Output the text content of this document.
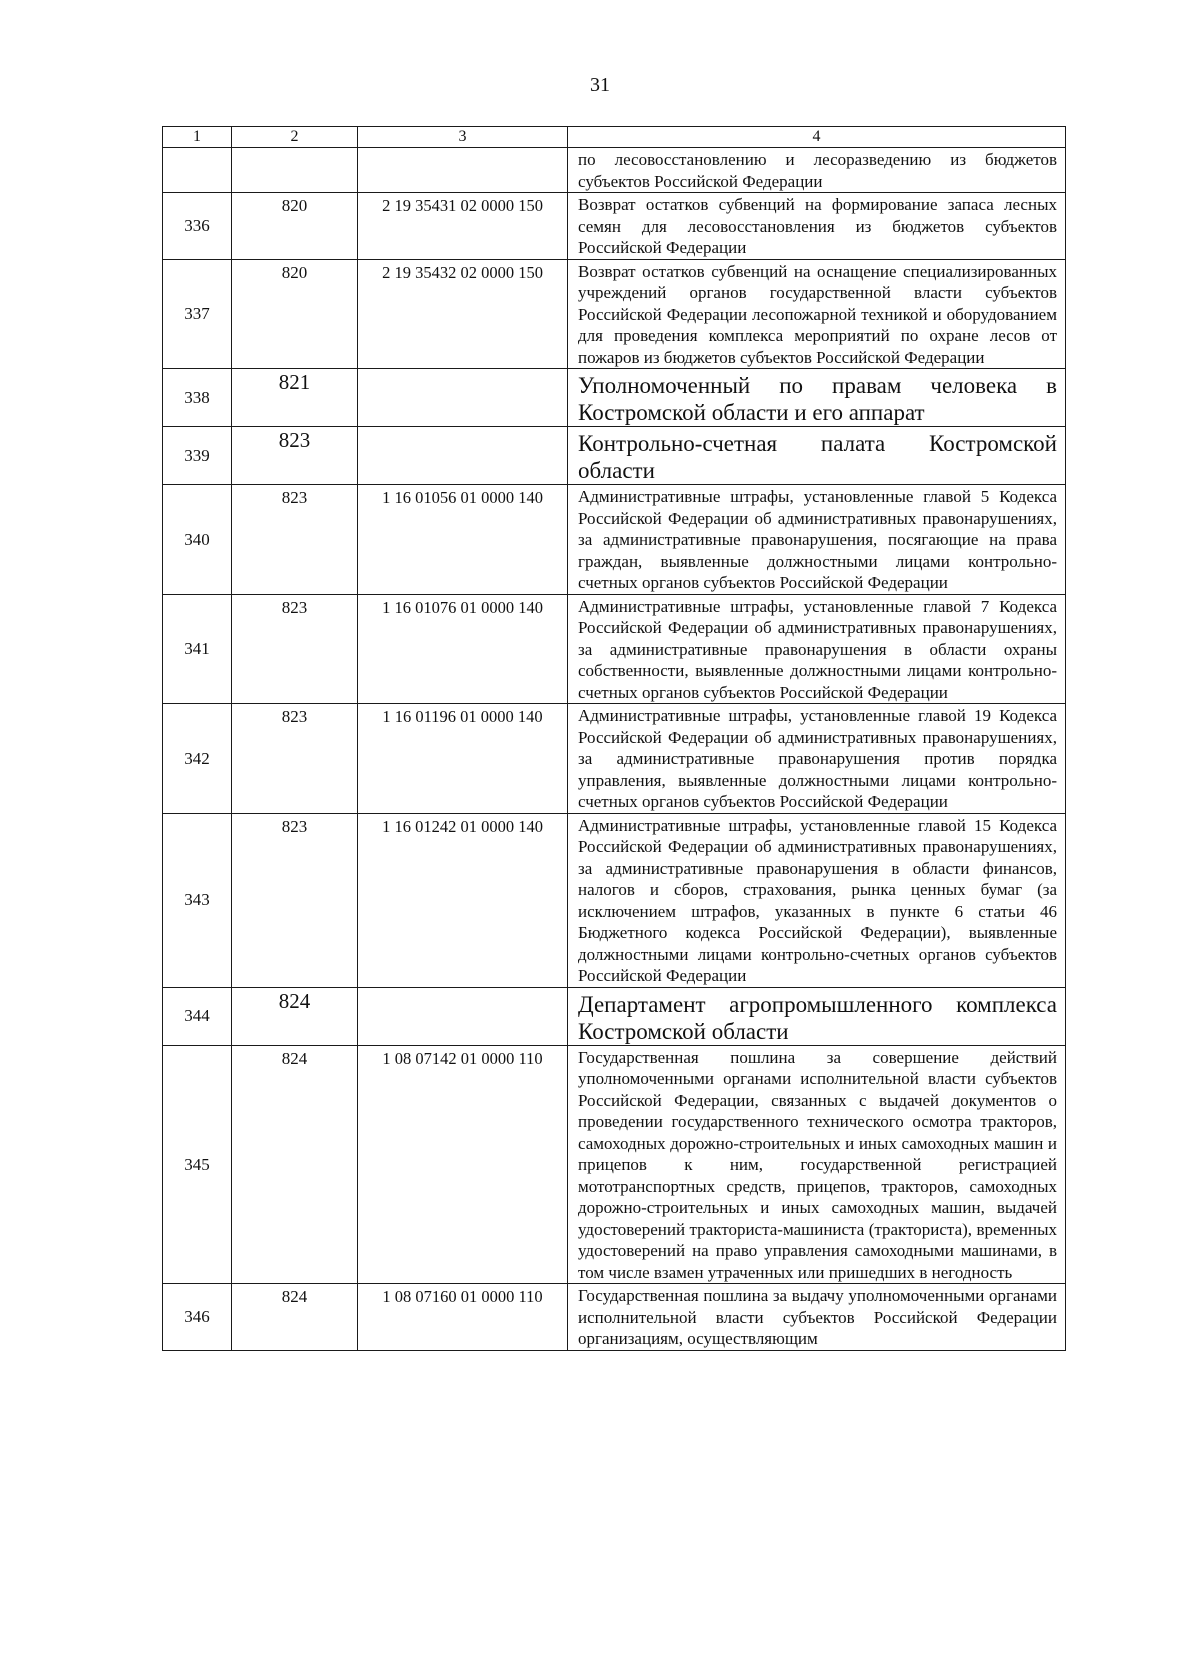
31
1	2	3	4
			по лесовосстановлению и лесоразведению из бюджетов субъектов Российской Федерации
336	820	2 19 35431 02 0000 150	Возврат остатков субвенций на формирование запаса лесных семян для лесовосстановления из бюджетов субъектов Российской Федерации
337	820	2 19 35432 02 0000 150	Возврат остатков субвенций на оснащение специализированных учреждений органов государственной власти субъектов Российской Федерации лесопожарной техникой и оборудованием для проведения комплекса мероприятий по охране лесов от пожаров из бюджетов субъектов Российской Федерации
338	821		Уполномоченный по правам человека в Костромской области и его аппарат
339	823		Контрольно-счетная палата Костромской области
340	823	1 16 01056 01 0000 140	Административные штрафы, установленные главой 5 Кодекса Российской Федерации об административных правонарушениях, за административные правонарушения, посягающие на права граждан, выявленные должностными лицами контрольно-счетных органов субъектов Российской Федерации
341	823	1 16 01076 01 0000 140	Административные штрафы, установленные главой 7 Кодекса Российской Федерации об административных правонарушениях, за административные правонарушения в области охраны собственности, выявленные должностными лицами контрольно-счетных органов субъектов Российской Федерации
342	823	1 16 01196 01 0000 140	Административные штрафы, установленные главой 19 Кодекса Российской Федерации об административных правонарушениях, за административные правонарушения против порядка управления, выявленные должностными лицами контрольно-счетных органов субъектов Российской Федерации
343	823	1 16 01242 01 0000 140	Административные штрафы, установленные главой 15 Кодекса Российской Федерации об административных правонарушениях, за административные правонарушения в области финансов, налогов и сборов, страхования, рынка ценных бумаг (за исключением штрафов, указанных в пункте 6 статьи 46 Бюджетного кодекса Российской Федерации), выявленные должностными лицами контрольно-счетных органов субъектов Российской Федерации
344	824		Департамент агропромышленного комплекса Костромской области
345	824	1 08 07142 01 0000 110	Государственная пошлина за совершение действий уполномоченными органами исполнительной власти субъектов Российской Федерации, связанных с выдачей документов о проведении государственного технического осмотра тракторов, самоходных дорожно-строительных и иных самоходных машин и прицепов к ним, государственной регистрацией мототранспортных средств, прицепов, тракторов, самоходных дорожно-строительных и иных самоходных машин, выдачей удостоверений тракториста-машиниста (тракториста), временных удостоверений на право управления самоходными машинами, в том числе взамен утраченных или пришедших в негодность
346	824	1 08 07160 01 0000 110	Государственная пошлина за выдачу уполномоченными органами исполнительной власти субъектов Российской Федерации организациям, осуществляющим
